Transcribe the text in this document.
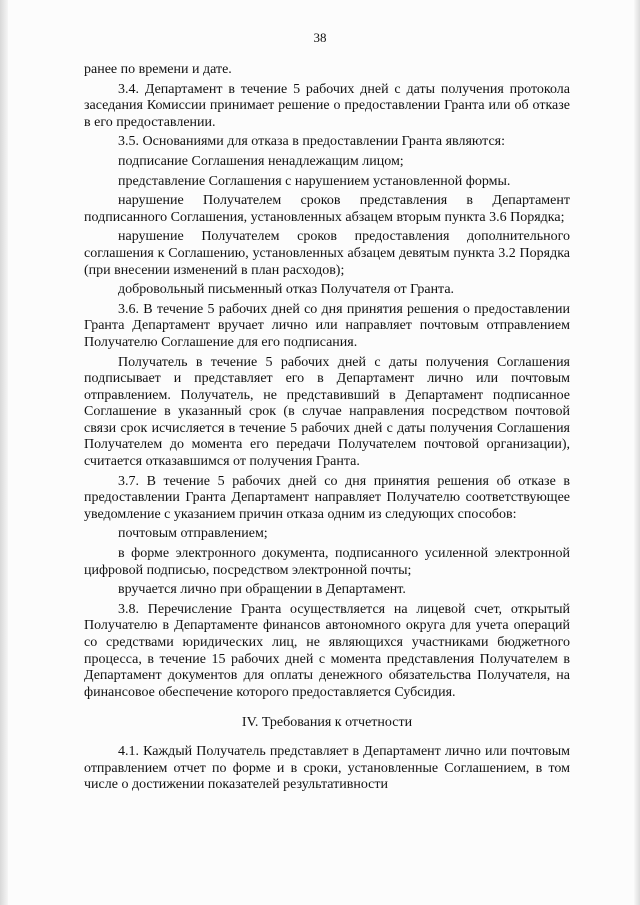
38

ранее по времени и дате.

3.4. Департамент в течение 5 рабочих дней с даты получения протокола заседания Комиссии принимает решение о предоставлении Гранта или об отказе в его предоставлении.

3.5. Основаниями для отказа в предоставлении Гранта являются:

подписание Соглашения ненадлежащим лицом;

представление Соглашения с нарушением установленной формы.

нарушение Получателем сроков представления в Департамент подписанного Соглашения, установленных абзацем вторым пункта 3.6 Порядка;

нарушение Получателем сроков предоставления дополнительного соглашения к Соглашению, установленных абзацем девятым пункта 3.2 Порядка (при внесении изменений в план расходов);

добровольный письменный отказ Получателя от Гранта.

3.6. В течение 5 рабочих дней со дня принятия решения о предоставлении Гранта Департамент вручает лично или направляет почтовым отправлением Получателю Соглашение для его подписания.

Получатель в течение 5 рабочих дней с даты получения Соглашения подписывает и представляет его в Департамент лично или почтовым отправлением. Получатель, не представивший в Департамент подписанное Соглашение в указанный срок (в случае направления посредством почтовой связи срок исчисляется в течение 5 рабочих дней с даты получения Соглашения Получателем до момента его передачи Получателем почтовой организации), считается отказавшимся от получения Гранта.

3.7. В течение 5 рабочих дней со дня принятия решения об отказе в предоставлении Гранта Департамент направляет Получателю соответствующее уведомление с указанием причин отказа одним из следующих способов:

почтовым отправлением;

в форме электронного документа, подписанного усиленной электронной цифровой подписью, посредством электронной почты;

вручается лично при обращении в Департамент.

3.8. Перечисление Гранта осуществляется на лицевой счет, открытый Получателю в Департаменте финансов автономного округа для учета операций со средствами юридических лиц, не являющихся участниками бюджетного процесса, в течение 15 рабочих дней с момента представления Получателем в Департамент документов для оплаты денежного обязательства Получателя, на финансовое обеспечение которого предоставляется Субсидия.

IV. Требования к отчетности

4.1. Каждый Получатель представляет в Департамент лично или почтовым отправлением отчет по форме и в сроки, установленные Соглашением, в том числе о достижении показателей результативности
